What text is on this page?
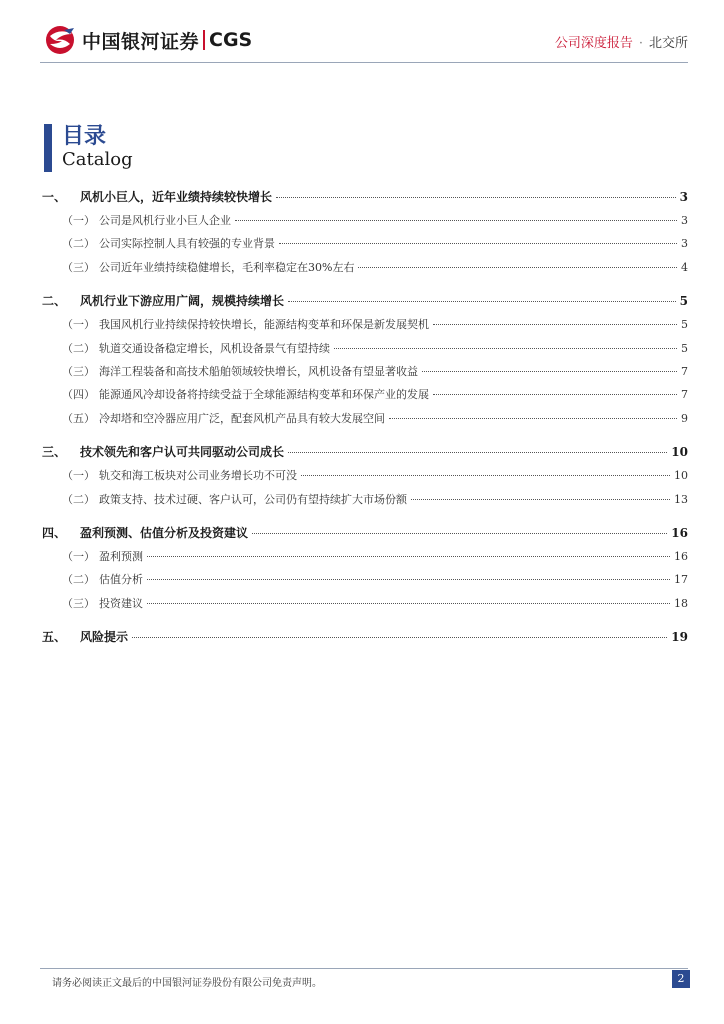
中国银河证券 CGS	公司深度报告 · 北交所
目录
Catalog
一、 风机小巨人，近年业绩持续较快增长	3
（一） 公司是风机行业小巨人企业	3
（二） 公司实际控制人具有较强的专业背景	3
（三） 公司近年业绩持续稳健增长，毛利率稳定在30%左右	4
二、 风机行业下游应用广阔，规模持续增长	5
（一） 我国风机行业持续保持较快增长，能源结构变革和环保是新发展契机	5
（二） 轨道交通设备稳定增长，风机设备景气有望持续	5
（三） 海洋工程装备和高技术船舶领域较快增长，风机设备有望显著收益	7
（四） 能源通风冷却设备将持续受益于全球能源结构变革和环保产业的发展	7
（五） 冷却塔和空冷器应用广泛，配套风机产品具有较大发展空间	9
三、 技术领先和客户认可共同驱动公司成长	10
（一） 轨交和海工板块对公司业务增长功不可没	10
（二） 政策支持、技术过硬、客户认可，公司仍有望持续扩大市场份额	13
四、 盈利预测、估值分析及投资建议	16
（一） 盈利预测	16
（二） 估值分析	17
（三） 投资建议	18
五、 风险提示	19
请务必阅读正文最后的中国银河证券股份有限公司免责声明。	2
